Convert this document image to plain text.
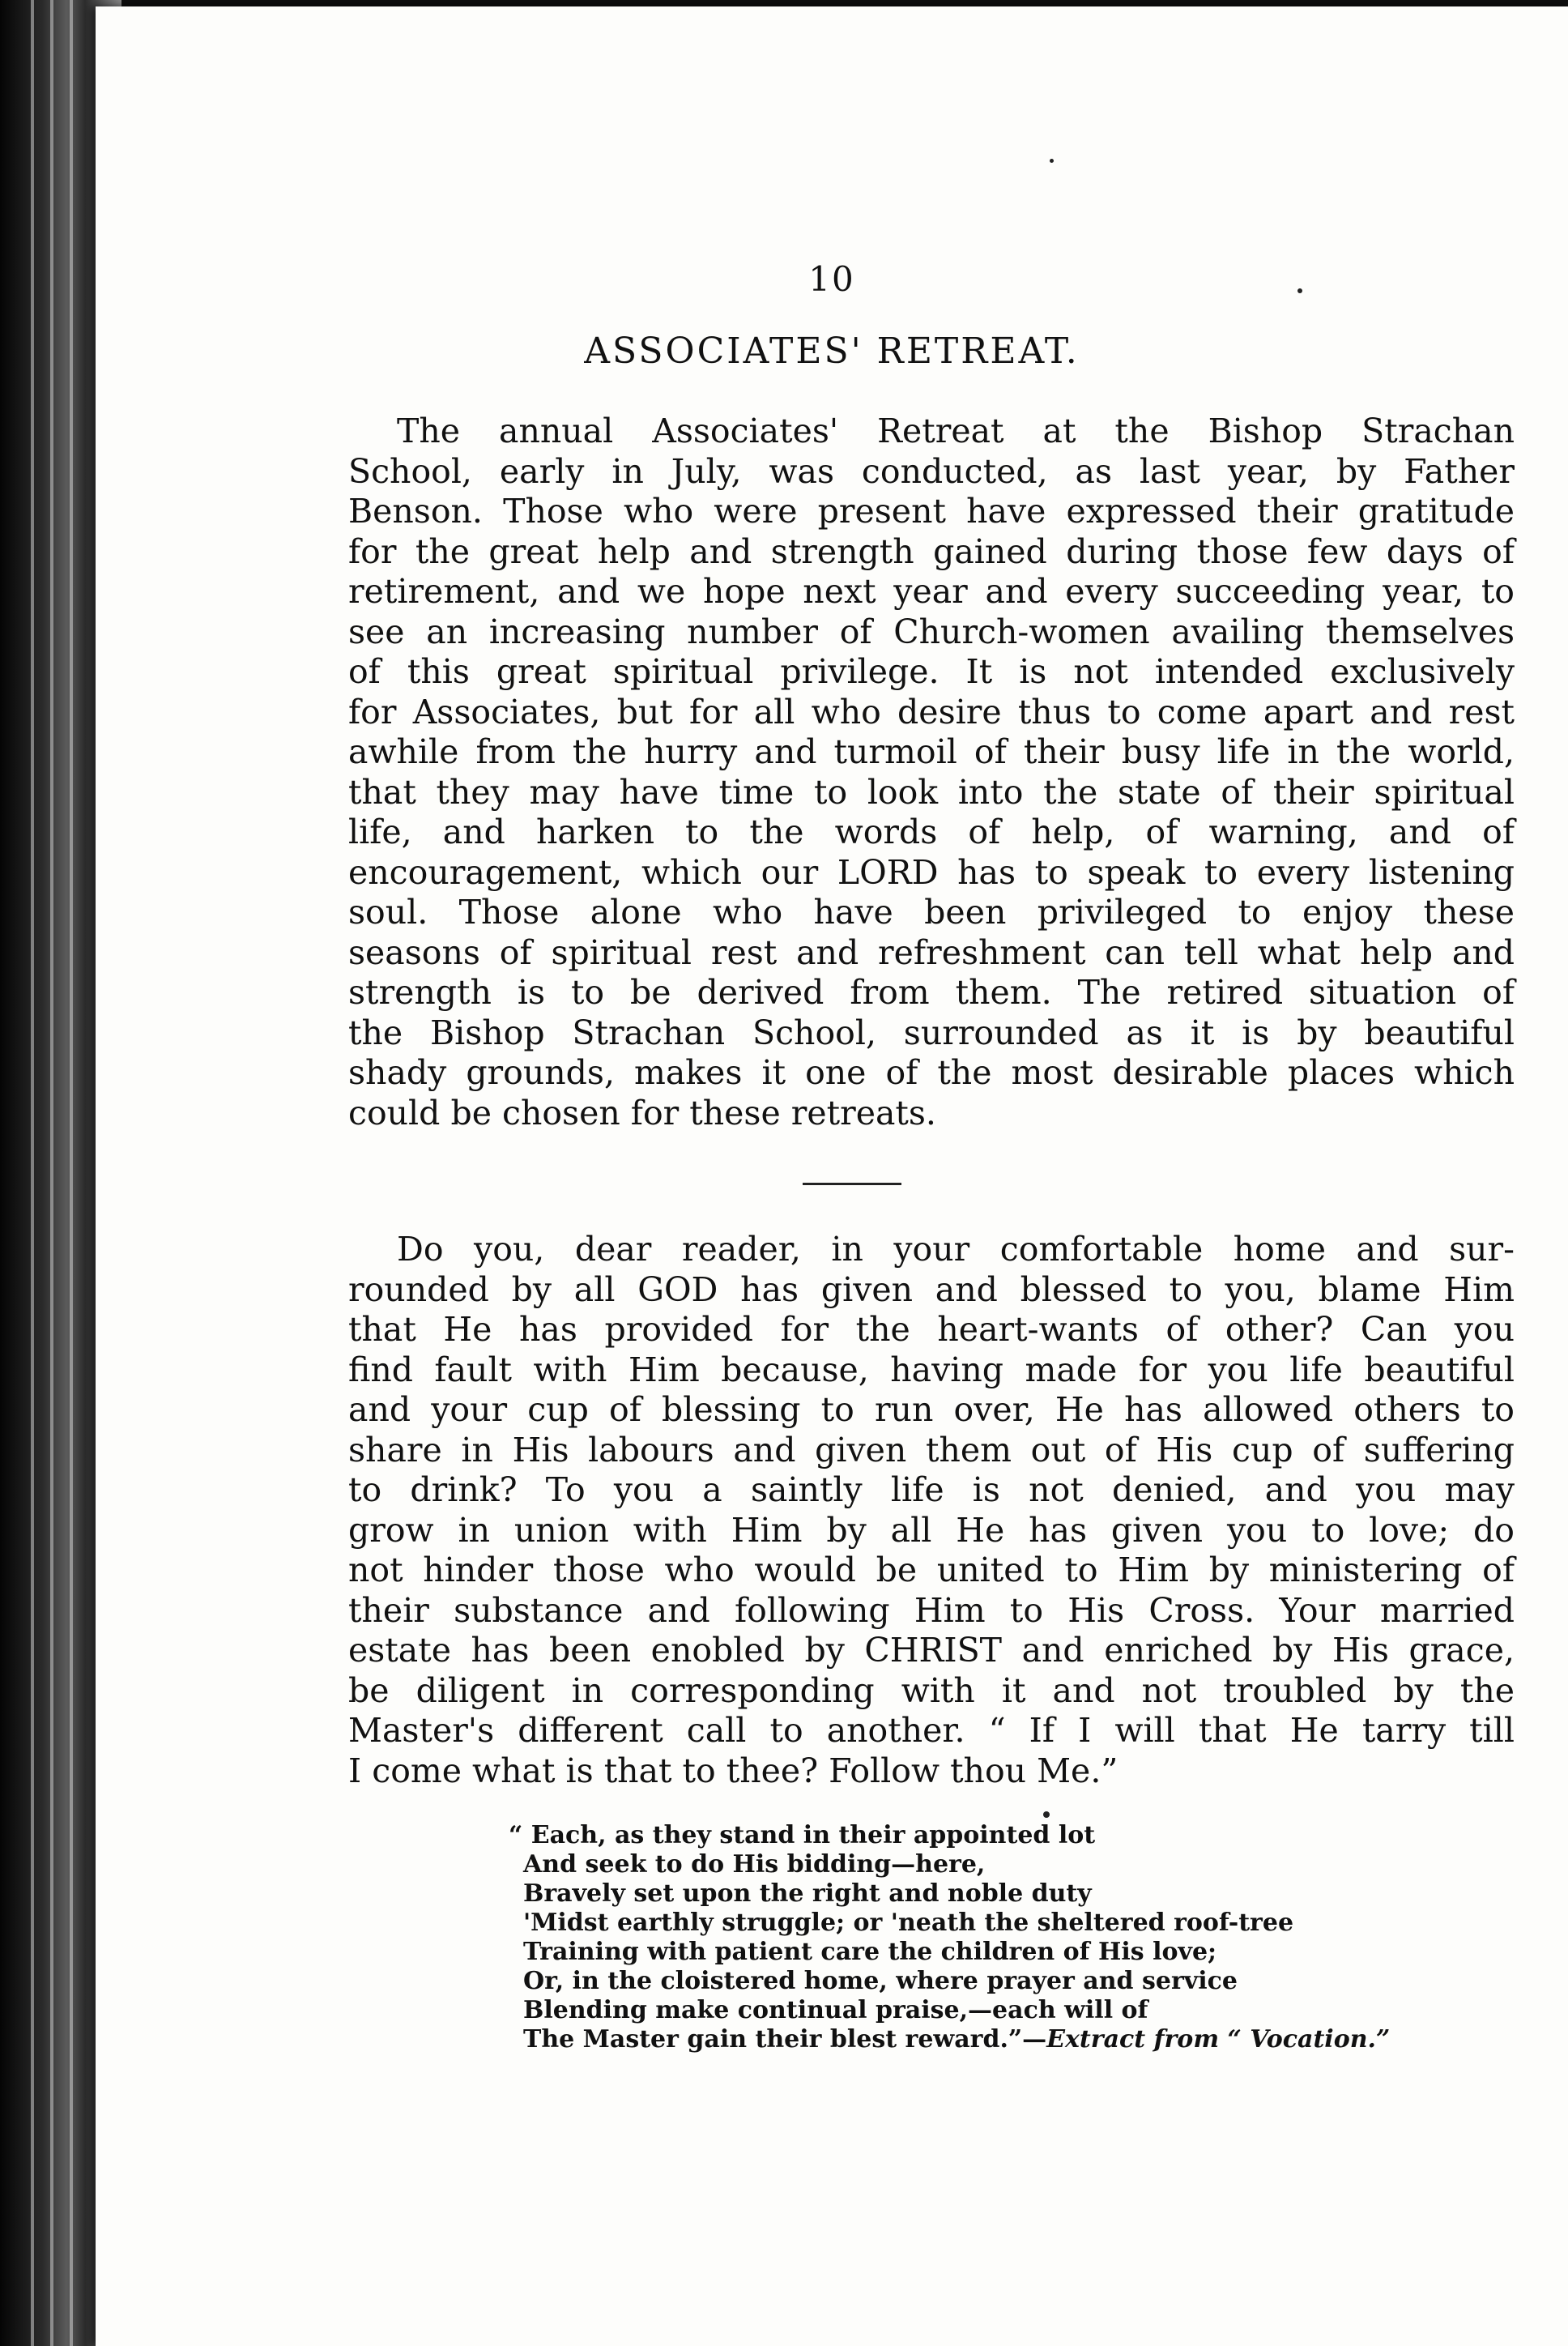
10
ASSOCIATES' RETREAT.
The annual Associates' Retreat at the Bishop Strachan
School, early in July, was conducted, as last year, by Father
Benson. Those who were present have expressed their gratitude
for the great help and strength gained during those few days of
retirement, and we hope next year and every succeeding year, to
see an increasing number of Church-women availing themselves
of this great spiritual privilege. It is not intended exclusively
for Associates, but for all who desire thus to come apart and rest
awhile from the hurry and turmoil of their busy life in the world,
that they may have time to look into the state of their spiritual
life, and harken to the words of help, of warning, and of
encouragement, which our LORD has to speak to every listening
soul. Those alone who have been privileged to enjoy these
seasons of spiritual rest and refreshment can tell what help and
strength is to be derived from them. The retired situation of
the Bishop Strachan School, surrounded as it is by beautiful
shady grounds, makes it one of the most desirable places which
could be chosen for these retreats.
Do you, dear reader, in your comfortable home and sur-
rounded by all GOD has given and blessed to you, blame Him
that He has provided for the heart-wants of other? Can you
find fault with Him because, having made for you life beautiful
and your cup of blessing to run over, He has allowed others to
share in His labours and given them out of His cup of suffering
to drink? To you a saintly life is not denied, and you may
grow in union with Him by all He has given you to love; do
not hinder those who would be united to Him by ministering of
their substance and following Him to His Cross. Your married
estate has been enobled by CHRIST and enriched by His grace,
be diligent in corresponding with it and not troubled by the
Master's different call to another. “ If I will that He tarry till
I come what is that to thee? Follow thou Me.”
“ Each, as they stand in their appointed lot
And seek to do His bidding—here,
Bravely set upon the right and noble duty
'Midst earthly struggle; or 'neath the sheltered roof-tree
Training with patient care the children of His love;
Or, in the cloistered home, where prayer and service
Blending make continual praise,—each will of
The Master gain their blest reward.”—Extract from “ Vocation.”
